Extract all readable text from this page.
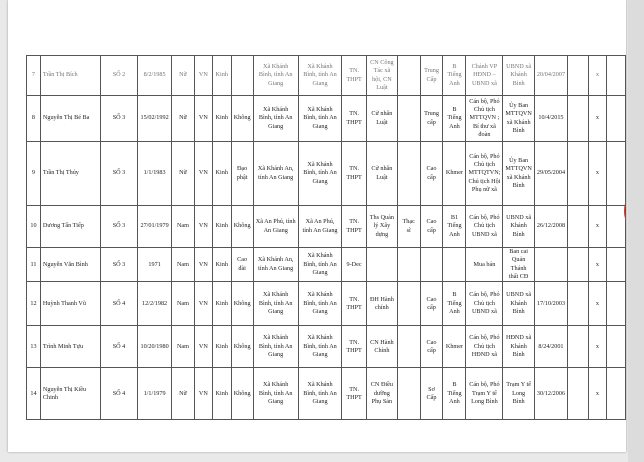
7	Trần Thị Bích	SỐ 2	8/2/1985	Nữ	VN	Kinh		Xã Khánh Bình, tỉnh An Giang	Xã Khánh Bình, tỉnh An Giang	TN. THPT	CN Công Tác xã hội, CN Luật		Trung Cấp	B Tiếng Anh	Chánh VP HĐND – UBND xã	UBND xã Khánh Bình	20/04/2007		x	
8	Nguyễn Thị Bé Ba	SỐ 3	15/02/1992	Nữ	VN	Kinh	Không	Xã Khánh Bình, tỉnh An Giang	Xã Khánh Bình, tỉnh An Giang	TN. THPT	Cử nhân Luật		Trung cấp	B Tiếng Anh	Cán bộ, Phó Chủ tịch MTTQVN ; Bí thư xã đoàn	Ủy Ban MTTQVN xã Khánh Bình	10/4/2015		x	
9	Trần Thị Thúy	SỐ 3	1/1/1983	Nữ	VN	Kinh	Đạo phật	Xã Khánh An, tỉnh An Giang	Xã Khánh Bình, tỉnh An Giang	TN. THPT	Cử nhân Luật		Cao cấp	Khmer	Cán bộ, Phó Chủ tịch MTTQTVN; Chủ tịch Hội Phụ nữ xã	Ủy Ban MTTQVN xã Khánh Bình	29/05/2004		x	
10	Dương Tấn Tiếp	SỐ 3	27/01/1979	Nam	VN	Kinh	Không	Xã An Phú, tỉnh An Giang	Xã An Phú, tỉnh An Giang	TN. THPT	Ths Quản lý Xây dựng	Thạc sĩ	Cao cấp	B1 Tiếng Anh	Cán bộ, Phó Chủ tịch UBND xã	UBND xã Khánh Bình	26/12/2008		x	
11	Nguyễn Văn Bình	SỐ 3	1971	Nam	VN	Kinh	Cao đài	Xã Khánh An, tỉnh An Giang	Xã Khánh Bình, tỉnh An Giang	9-Dec					Mua bán	Ban cai Quản Thánh thất CĐ			x	
12	Huỳnh Thanh Vũ	SỐ 4	12/2/1982	Nam	VN	Kinh	Không	Xã Khánh Bình, tỉnh An Giang	Xã Khánh Bình, tỉnh An Giang	TN. THPT	ĐH Hành chính		Cao cấp	B Tiếng Anh	Cán bộ, Phó Chủ tịch UBND xã	UBND xã Khánh Bình	17/10/2003		x	
13	Trình Minh Tựu	SỐ 4	10/20/1980	Nam	VN	Kinh	Không	Xã Khánh Bình, tỉnh An Giang	Xã Khánh Bình, tỉnh An Giang	TN. THPT	CN Hành Chính		Cao cấp	Khmer	Cán bộ, Phó Chủ tịch HĐND xã	HĐND xã Khánh Bình	8/24/2001		x	
14	Nguyễn Thị Kiều Chinh	SỐ 4	1/1/1979	Nữ	VN	Kinh	Không	Xã Khánh Bình, tỉnh An Giang	Xã Khánh Bình, tỉnh An Giang	TN. THPT	CN Điều dưỡng Phụ Sản		Sơ Cấp	B Tiếng Anh	Cán bộ, Phó Trạm Y tế Long Bình	Trạm Y tế Long Bình	30/12/2006		x	
